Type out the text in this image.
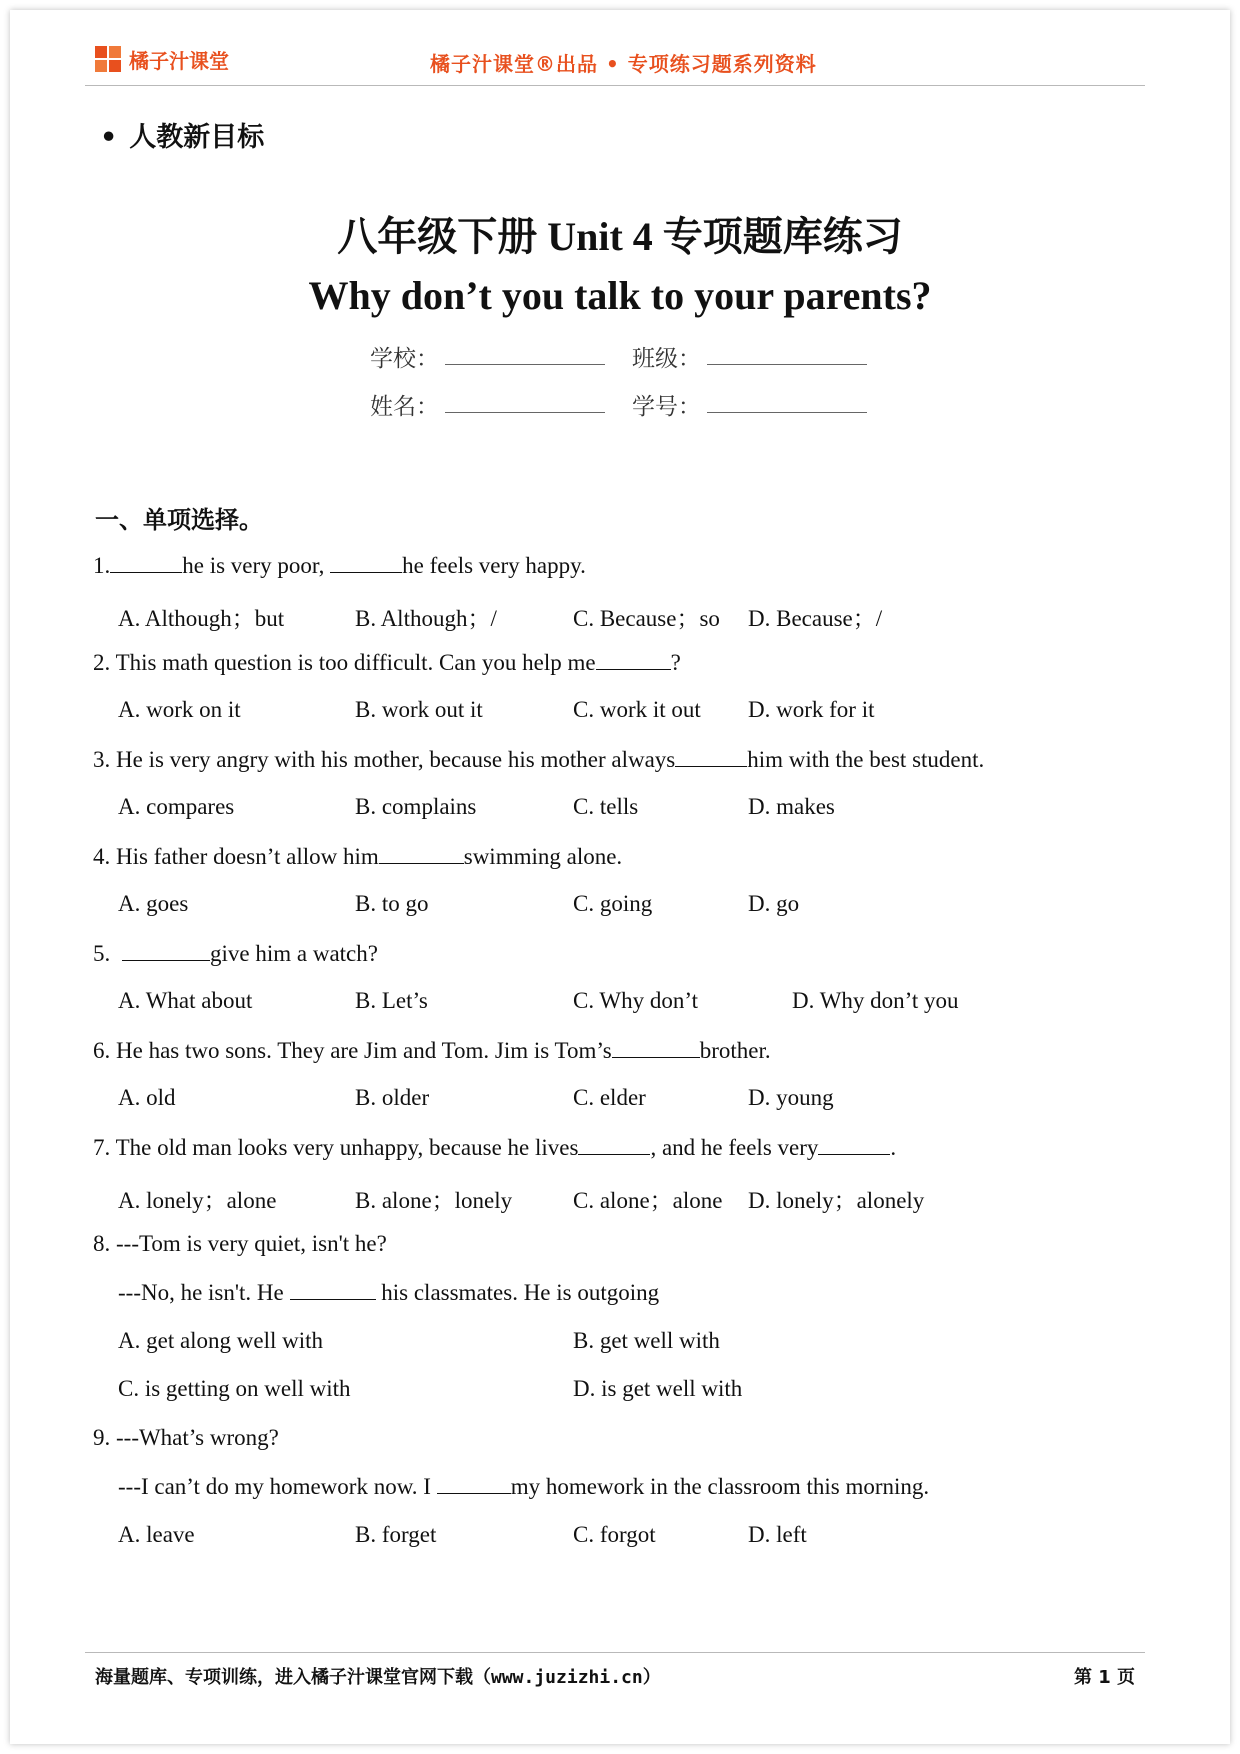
橘子汁课堂	橘子汁课堂®出品 • 专项练习题系列资料
• 人教新目标
八年级下册 Unit 4 专项题库练习
Why don’t you talk to your parents?
学校：	班级：
姓名：	学号：
一、单项选择。
1.	he is very poor,	he feels very happy.
A. Although；but	B. Although；/	C. Because；so D. Because；/
2. This math question is too difficult. Can you help me	?
A. work on it	B. work out it	C. work it out D. work for it
3. He is very angry with his mother, because his mother always	him with the best student.
A. compares	B. complains	C. tells	D. makes
4. His father doesn’t allow him	swimming alone.
A. goes	B. to go	C. going	D. go
5.	give him a watch?
A. What about	B. Let’s	C. Why don’t	D. Why don’t you
6. He has two sons. They are Jim and Tom. Jim is Tom’s	brother.
A. old	B. older	C. elder	D. young
7. The old man looks very unhappy, because he lives	, and he feels very	.
A. lonely；alone	B. alone；lonely	C. alone；alone D. lonely；alonely
8. ---Tom is very quiet, isn't he?
---No, he isn't. He	his classmates. He is outgoing
A. get along well with	B. get well with
C. is getting on well with	D. is get well with
9. ---What’s wrong?
---I can’t do my homework now. I	my homework in the classroom this morning.
A. leave	B. forget	C. forgot	D. left
海量题库、专项训练，进入橘子汁课堂官网下载（www.juzizhi.cn）	第 1 页
